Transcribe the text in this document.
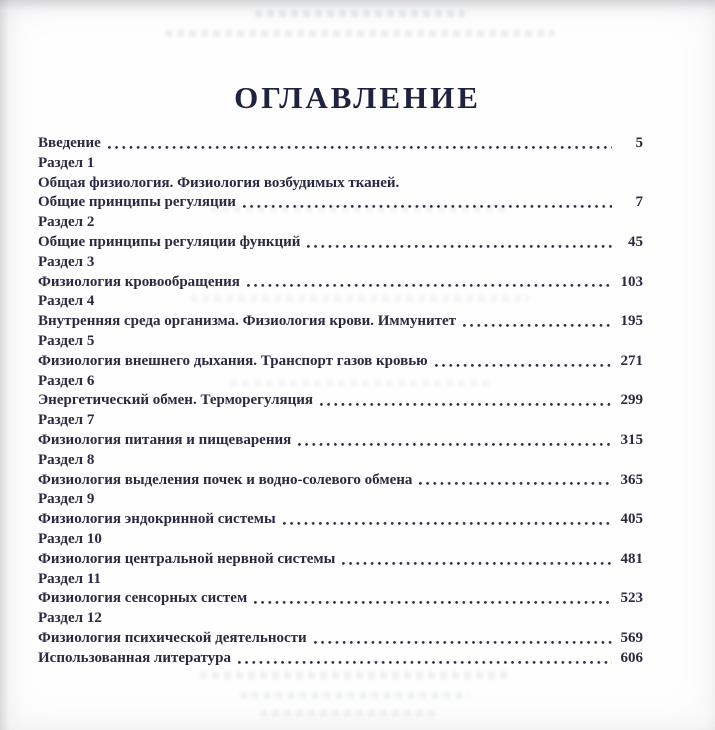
ОГЛАВЛЕНИЕ
Введение	5
Раздел 1
Общая физиология. Физиология возбудимых тканей.
Общие принципы регуляции	7
Раздел 2
Общие принципы регуляции функций	45
Раздел 3
Физиология кровообращения	103
Раздел 4
Внутренняя среда организма. Физиология крови. Иммунитет	195
Раздел 5
Физиология внешнего дыхания. Транспорт газов кровью	271
Раздел 6
Энергетический обмен. Терморегуляция	299
Раздел 7
Физиология питания и пищеварения	315
Раздел 8
Физиология выделения почек и водно-солевого обмена	365
Раздел 9
Физиология эндокринной системы	405
Раздел 10
Физиология центральной нервной системы	481
Раздел 11
Физиология сенсорных систем	523
Раздел 12
Физиология психической деятельности	569
Использованная литература	606
